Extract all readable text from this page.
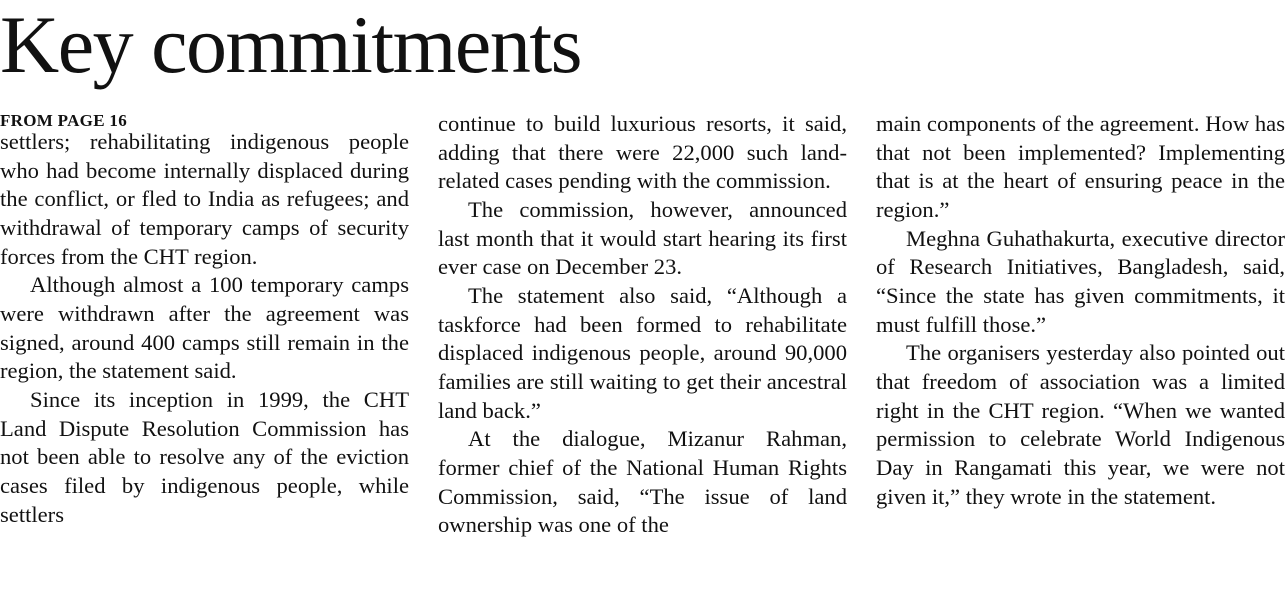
Key commitments
FROM PAGE 16

settlers; rehabilitating indigenous people who had become internally displaced during the conflict, or fled to India as refugees; and withdrawal of temporary camps of security forces from the CHT region.

Although almost a 100 temporary camps were withdrawn after the agreement was signed, around 400 camps still remain in the region, the statement said.

Since its inception in 1999, the CHT Land Dispute Resolution Commission has not been able to resolve any of the eviction cases filed by indigenous people, while settlers

continue to build luxurious resorts, it said, adding that there were 22,000 such land-related cases pending with the commission.

The commission, however, announced last month that it would start hearing its first ever case on December 23.

The statement also said, “Although a taskforce had been formed to rehabilitate displaced indigenous people, around 90,000 families are still waiting to get their ancestral land back.”

At the dialogue, Mizanur Rahman, former chief of the National Human Rights Commission, said, “The issue of land ownership was one of the

main components of the agreement. How has that not been implemented? Implementing that is at the heart of ensuring peace in the region.”

Meghna Guhathakurta, executive director of Research Initiatives, Bangladesh, said, “Since the state has given commitments, it must fulfill those.”

The organisers yesterday also pointed out that freedom of association was a limited right in the CHT region. “When we wanted permission to celebrate World Indigenous Day in Rangamati this year, we were not given it,” they wrote in the statement.
